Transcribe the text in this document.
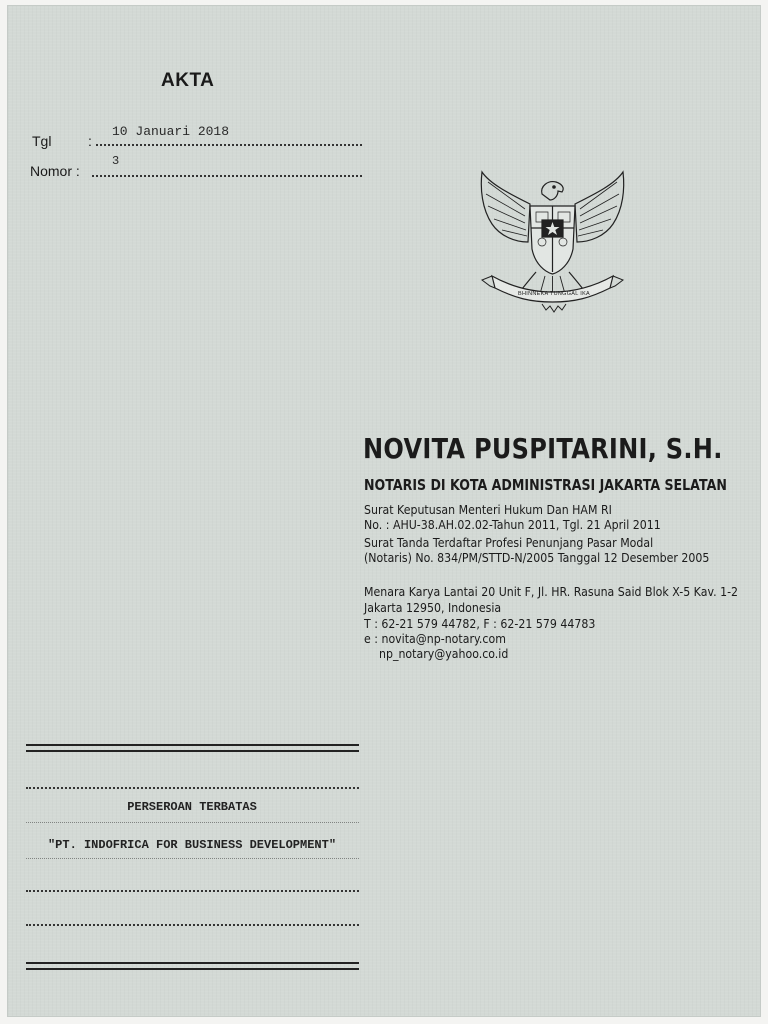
AKTA
Tgl	:
10 Januari 2018
Nomor :
3
BHINNEKA TUNGGAL IKA
NOVITA PUSPITARINI, S.H.
NOTARIS DI KOTA ADMINISTRASI JAKARTA SELATAN
Surat Keputusan Menteri Hukum Dan HAM RI
No. : AHU-38.AH.02.02-Tahun 2011, Tgl. 21 April 2011
Surat Tanda Terdaftar Profesi Penunjang Pasar Modal
(Notaris) No. 834/PM/STTD-N/2005 Tanggal 12 Desember 2005
Menara Karya Lantai 20 Unit F, Jl. HR. Rasuna Said Blok X-5 Kav. 1-2
Jakarta 12950, Indonesia
T : 62-21 579 44782, F : 62-21 579 44783
e : novita@np-notary.com
np_notary@yahoo.co.id
PERSEROAN TERBATAS
"PT. INDOFRICA FOR BUSINESS DEVELOPMENT"
